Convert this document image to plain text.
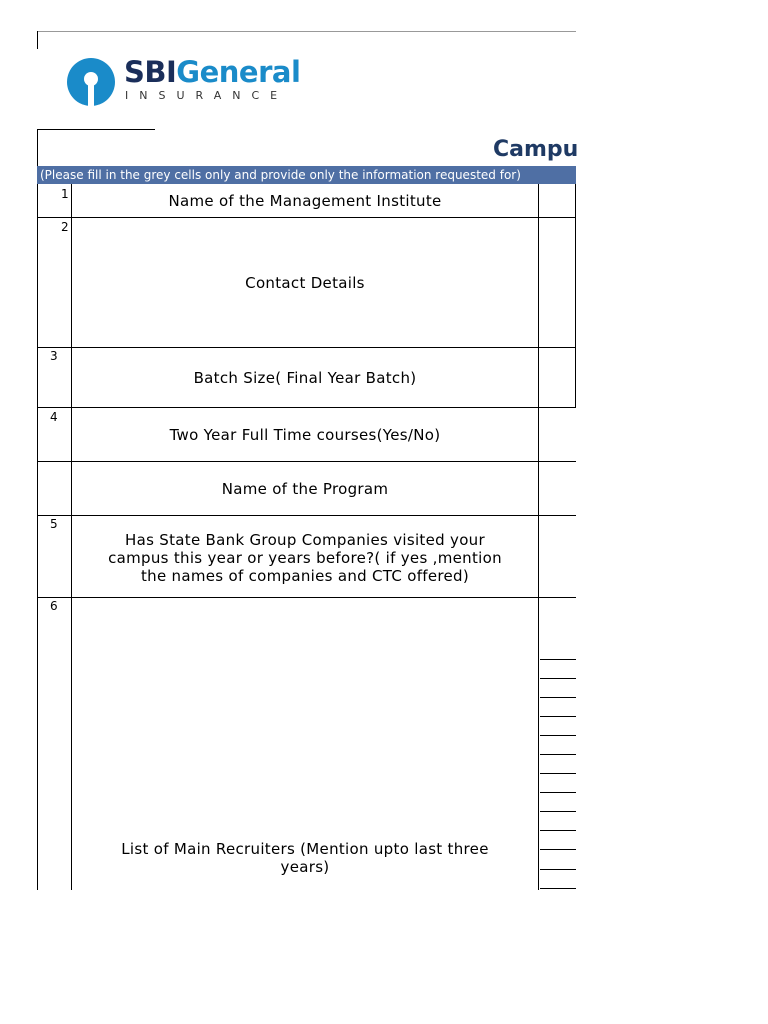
SBIGeneral
INSURANCE
Campu
(Please fill in the grey cells only and provide only the information requested for)
1	Name of the Management Institute
2
Contact Details
3
Batch Size( Final Year Batch)
4
Two Year Full Time courses(Yes/No)
Name of the Program
5
Has State Bank Group Companies visited your
campus this year or years before?( if yes ,mention
the names of companies and CTC offered)
6
List of Main Recruiters (Mention upto last three
years)
